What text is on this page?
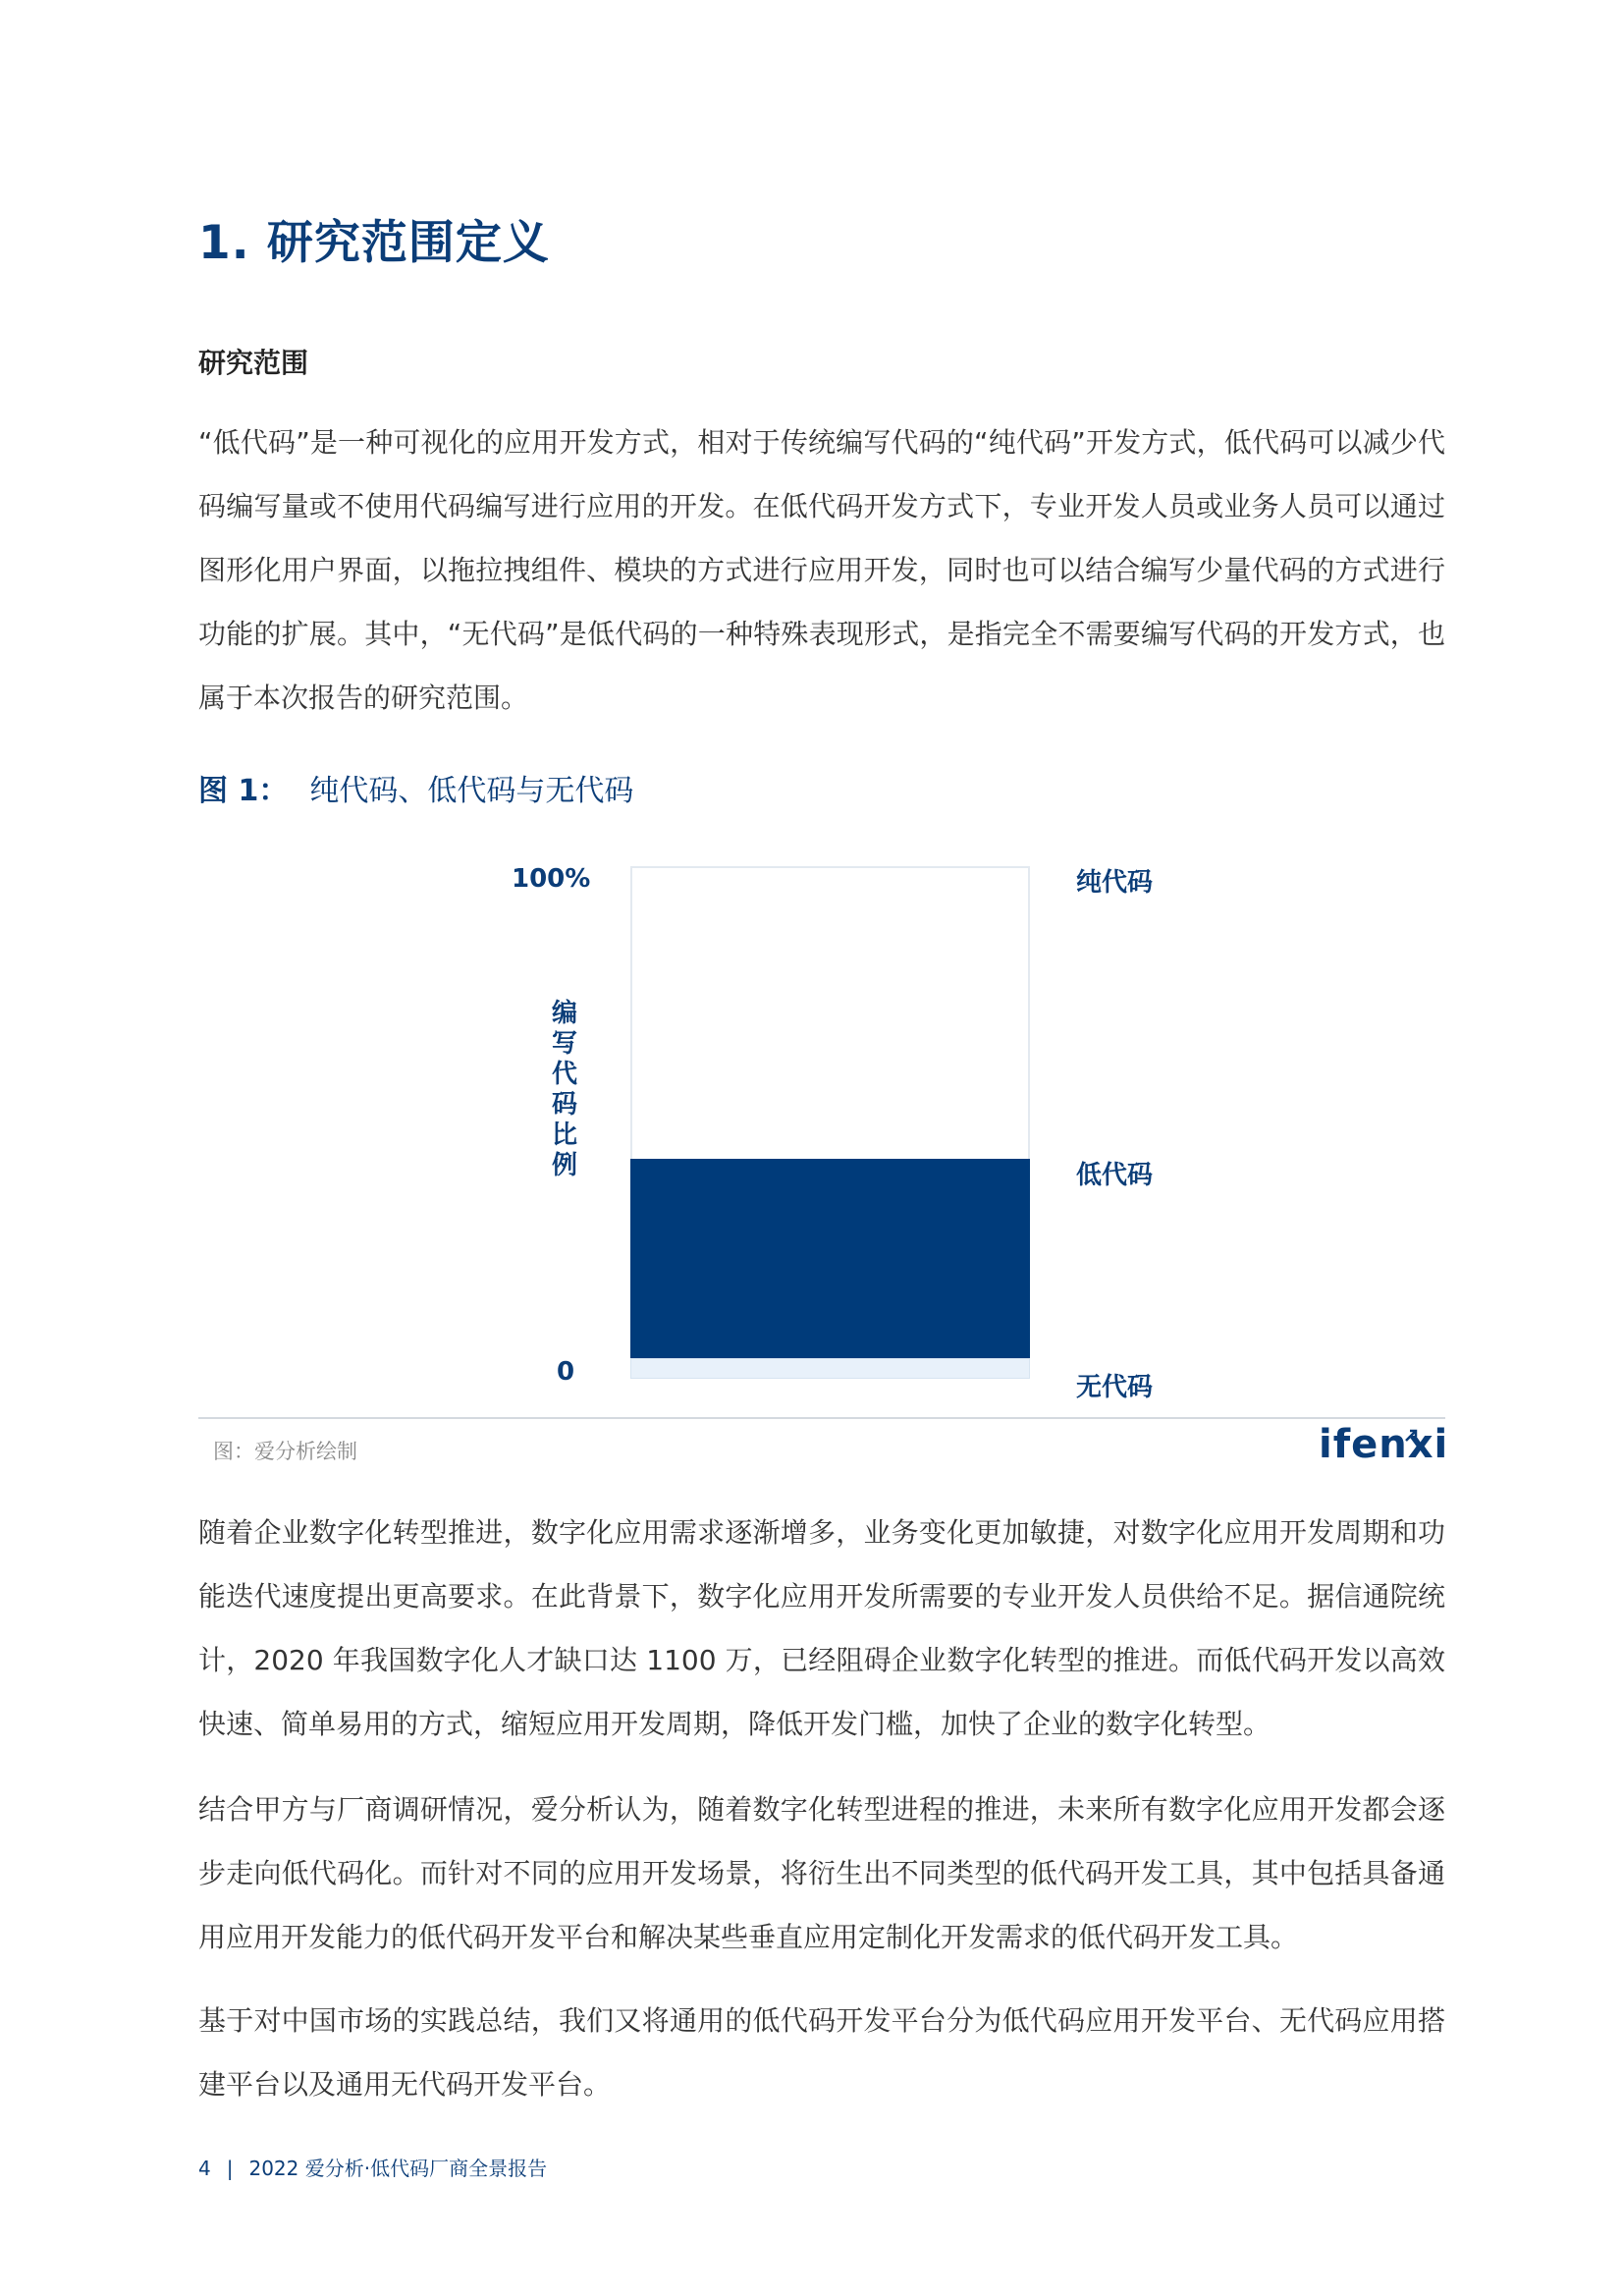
1. 研究范围定义
研究范围

“低代码”是一种可视化的应用开发方式，相对于传统编写代码的“纯代码”开发方式，低代码可以减少代码编写量或不使用代码编写进行应用的开发。在低代码开发方式下，专业开发人员或业务人员可以通过图形化用户界面，以拖拉拽组件、模块的方式进行应用开发，同时也可以结合编写少量代码的方式进行功能的扩展。其中，“无代码”是低代码的一种特殊表现形式，是指完全不需要编写代码的开发方式，也属于本次报告的研究范围。

图 1： 纯代码、低代码与无代码
100%
0
编写代码比例
纯代码
低代码
无代码
图：爱分析绘制	ifenxi

随着企业数字化转型推进，数字化应用需求逐渐增多，业务变化更加敏捷，对数字化应用开发周期和功能迭代速度提出更高要求。在此背景下，数字化应用开发所需要的专业开发人员供给不足。据信通院统计，2020 年我国数字化人才缺口达 1100 万，已经阻碍企业数字化转型的推进。而低代码开发以高效快速、简单易用的方式，缩短应用开发周期，降低开发门槛，加快了企业的数字化转型。

结合甲方与厂商调研情况，爱分析认为，随着数字化转型进程的推进，未来所有数字化应用开发都会逐步走向低代码化。而针对不同的应用开发场景，将衍生出不同类型的低代码开发工具，其中包括具备通用应用开发能力的低代码开发平台和解决某些垂直应用定制化开发需求的低代码开发工具。

基于对中国市场的实践总结，我们又将通用的低代码开发平台分为低代码应用开发平台、无代码应用搭建平台以及通用无代码开发平台。

4 | 2022 爱分析·低代码厂商全景报告
